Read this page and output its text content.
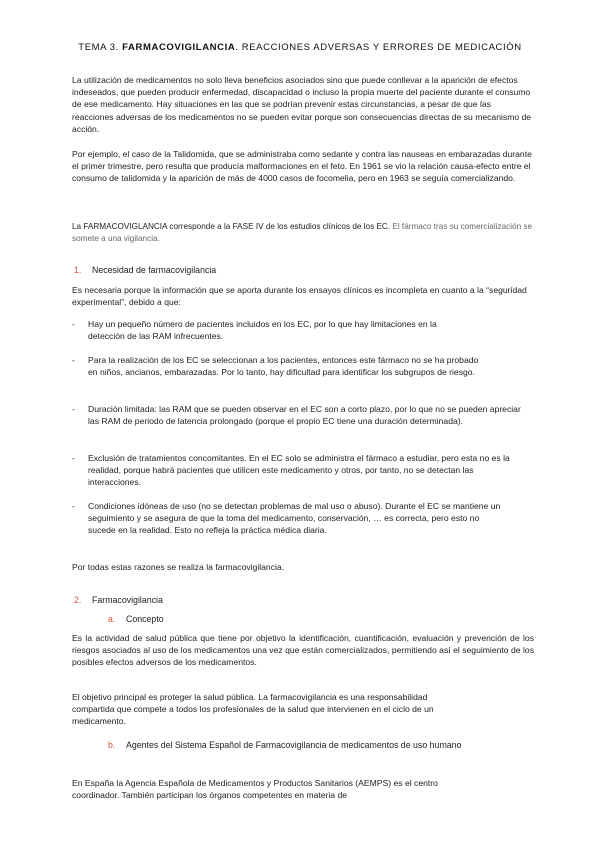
TEMA 3. FARMACOVIGILANCIA. REACCIONES ADVERSAS Y ERRORES DE MEDICACIÓN

La utilización de medicamentos no solo lleva beneficios asociados sino que puede conllevar a la aparición de efectos indeseados, que pueden producir enfermedad, discapacidad o incluso la propia muerte del paciente durante el consumo de ese medicamento. Hay situaciones en las que se podrían prevenir estas circunstancias, a pesar de que las reacciones adversas de los medicamentos no se pueden evitar porque son consecuencias directas de su mecanismo de acción.

Por ejemplo, el caso de la Talidomida, que se administraba como sedante y contra las nauseas en embarazadas durante el primer trimestre, pero resulta que producía malformaciones en el feto. En 1961 se vio la relación causa-efecto entre el consumo de talidomida y la aparición de más de 4000 casos de focomelia, pero en 1963 se seguía comercializando.

La FARMACOVIGLANCIA corresponde a la FASE IV de los estudios clínicos de los EC. El fármaco tras su comercialización se somete a una vigilancia.

1. Necesidad de farmacovigilancia

Es necesaria porque la información que se aporta durante los ensayos clínicos es incompleta en cuanto a la “seguridad experimental”, debido a que:

- Hay un pequeño número de pacientes incluidos en los EC, por lo que hay limitaciones en la detección de las RAM infrecuentes.
- Para la realización de los EC se seleccionan a los pacientes, entonces este fármaco no se ha probado en niños, ancianos, embarazadas. Por lo tanto, hay dificultad para identificar los subgrupos de riesgo.
- Duración limitada: las RAM que se pueden observar en el EC son a corto plazo, por lo que no se pueden apreciar las RAM de periodo de latencia prolongado (porque el propio EC tiene una duración determinada).
- Exclusión de tratamientos concomitantes. En el EC solo se administra el fármaco a estudiar, pero esta no es la realidad, porque habrá pacientes que utilicen este medicamento y otros, por tanto, no se detectan las interacciones.
- Condiciones idóneas de uso (no se detectan problemas de mal uso o abuso). Durante el EC se mantiene un seguimiento y se asegura de que la toma del medicamento, conservación, … es correcta, pero esto no sucede en la realidad. Esto no refleja la práctica médica diaria.

Por todas estas razones se realiza la farmacovigilancia.

2. Farmacovigilancia
a. Concepto

Es la actividad de salud pública que tiene por objetivo la identificación, cuantificación, evaluación y prevención de los riesgos asociados al uso de los medicamentos una vez que están comercializados, permitiendo así el seguimiento de los posibles efectos adversos de los medicamentos.

El objetivo principal es proteger la salud pública. La farmacovigilancia es una responsabilidad compartida que compete a todos los profesionales de la salud que intervienen en el ciclo de un medicamento.

b. Agentes del Sistema Español de Farmacovigilancia de medicamentos de uso humano

En España la Agencia Española de Medicamentos y Productos Sanitarios (AEMPS) es el centro coordinador. También participan los órganos competentes en materia de
